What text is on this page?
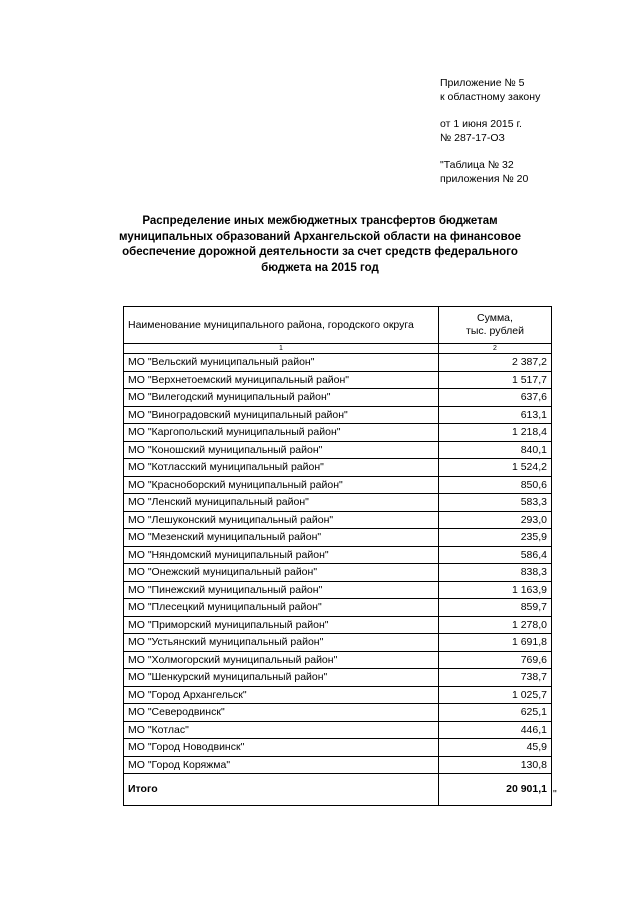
Приложение № 5
к областному закону
от 1 июня 2015 г.
№ 287-17-ОЗ
"Таблица № 32
приложения № 20
Распределение иных межбюджетных трансфертов бюджетам муниципальных образований Архангельской области на финансовое обеспечение дорожной деятельности за счет средств федерального бюджета на 2015 год
Наименование муниципального района, городского округа	Сумма,
тыс. рублей

1	2
МО "Вельский муниципальный район"	2 387,2
МО "Верхнетоемский муниципальный район"	1 517,7
МО "Вилегодский муниципальный район"	637,6
МО "Виноградовский муниципальный район"	613,1
МО "Каргопольский муниципальный район"	1 218,4
МО "Коношский муниципальный район"	840,1
МО "Котласский муниципальный район"	1 524,2
МО "Красноборский муниципальный район"	850,6
МО "Ленский муниципальный район"	583,3
МО "Лешуконский муниципальный район"	293,0
МО "Мезенский муниципальный район"	235,9
МО "Няндомский муниципальный район"	586,4
МО "Онежский муниципальный район"	838,3
МО "Пинежский муниципальный район"	1 163,9
МО "Плесецкий муниципальный район"	859,7
МО "Приморский муниципальный район"	1 278,0
МО "Устьянский муниципальный район"	1 691,8
МО "Холмогорский муниципальный район"	769,6
МО "Шенкурский муниципальный район"	738,7
МО "Город Архангельск"	1 025,7
МО "Северодвинск"	625,1
МО "Котлас"	446,1
МО "Город Новодвинск"	45,9
МО "Город Коряжма"	130,8
Итого	20 901,1 "
